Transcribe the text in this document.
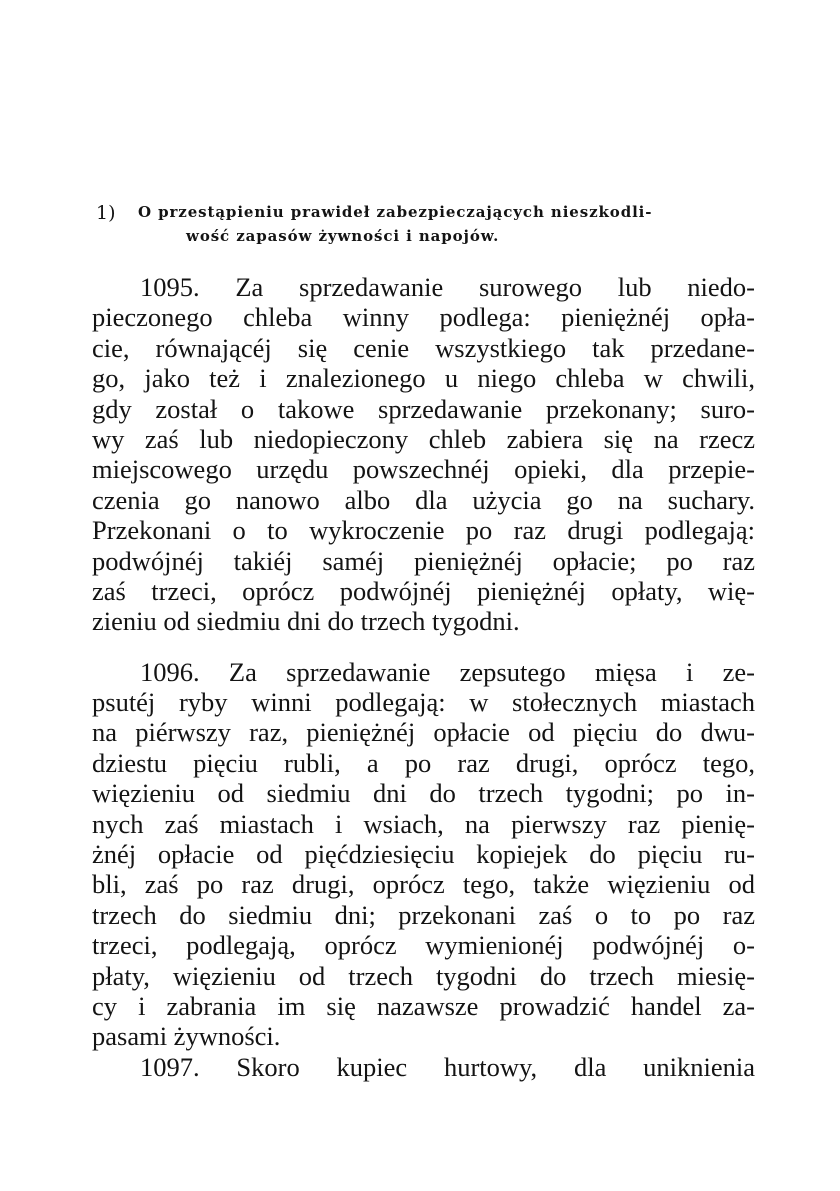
1) O przestąpieniu prawideł zabezpieczających nieszkodli-
wość zapasów żywności i napojów.
1095. Za sprzedawanie surowego lub niedo-
pieczonego chleba winny podlega: pieniężnéj opła-
cie, równającéj się cenie wszystkiego tak przedane-
go, jako też i znalezionego u niego chleba w chwili,
gdy został o takowe sprzedawanie przekonany; suro-
wy zaś lub niedopieczony chleb zabiera się na rzecz
miejscowego urzędu powszechnéj opieki, dla przepie-
czenia go nanowo albo dla użycia go na suchary.
Przekonani o to wykroczenie po raz drugi podlegają:
podwójnéj takiéj saméj pieniężnéj opłacie; po raz
zaś trzeci, oprócz podwójnéj pieniężnéj opłaty, wię-
zieniu od siedmiu dni do trzech tygodni.
1096. Za sprzedawanie zepsutego mięsa i ze-
psutéj ryby winni podlegają: w stołecznych miastach
na piérwszy raz, pieniężnéj opłacie od pięciu do dwu-
dziestu pięciu rubli, a po raz drugi, oprócz tego,
więzieniu od siedmiu dni do trzech tygodni; po in-
nych zaś miastach i wsiach, na pierwszy raz pienię-
żnéj opłacie od pięćdziesięciu kopiejek do pięciu ru-
bli, zaś po raz drugi, oprócz tego, także więzieniu od
trzech do siedmiu dni; przekonani zaś o to po raz
trzeci, podlegają, oprócz wymienionéj podwójnéj o-
płaty, więzieniu od trzech tygodni do trzech miesię-
cy i zabrania im się nazawsze prowadzić handel za-
pasami żywności.
1097. Skoro kupiec hurtowy, dla uniknienia
